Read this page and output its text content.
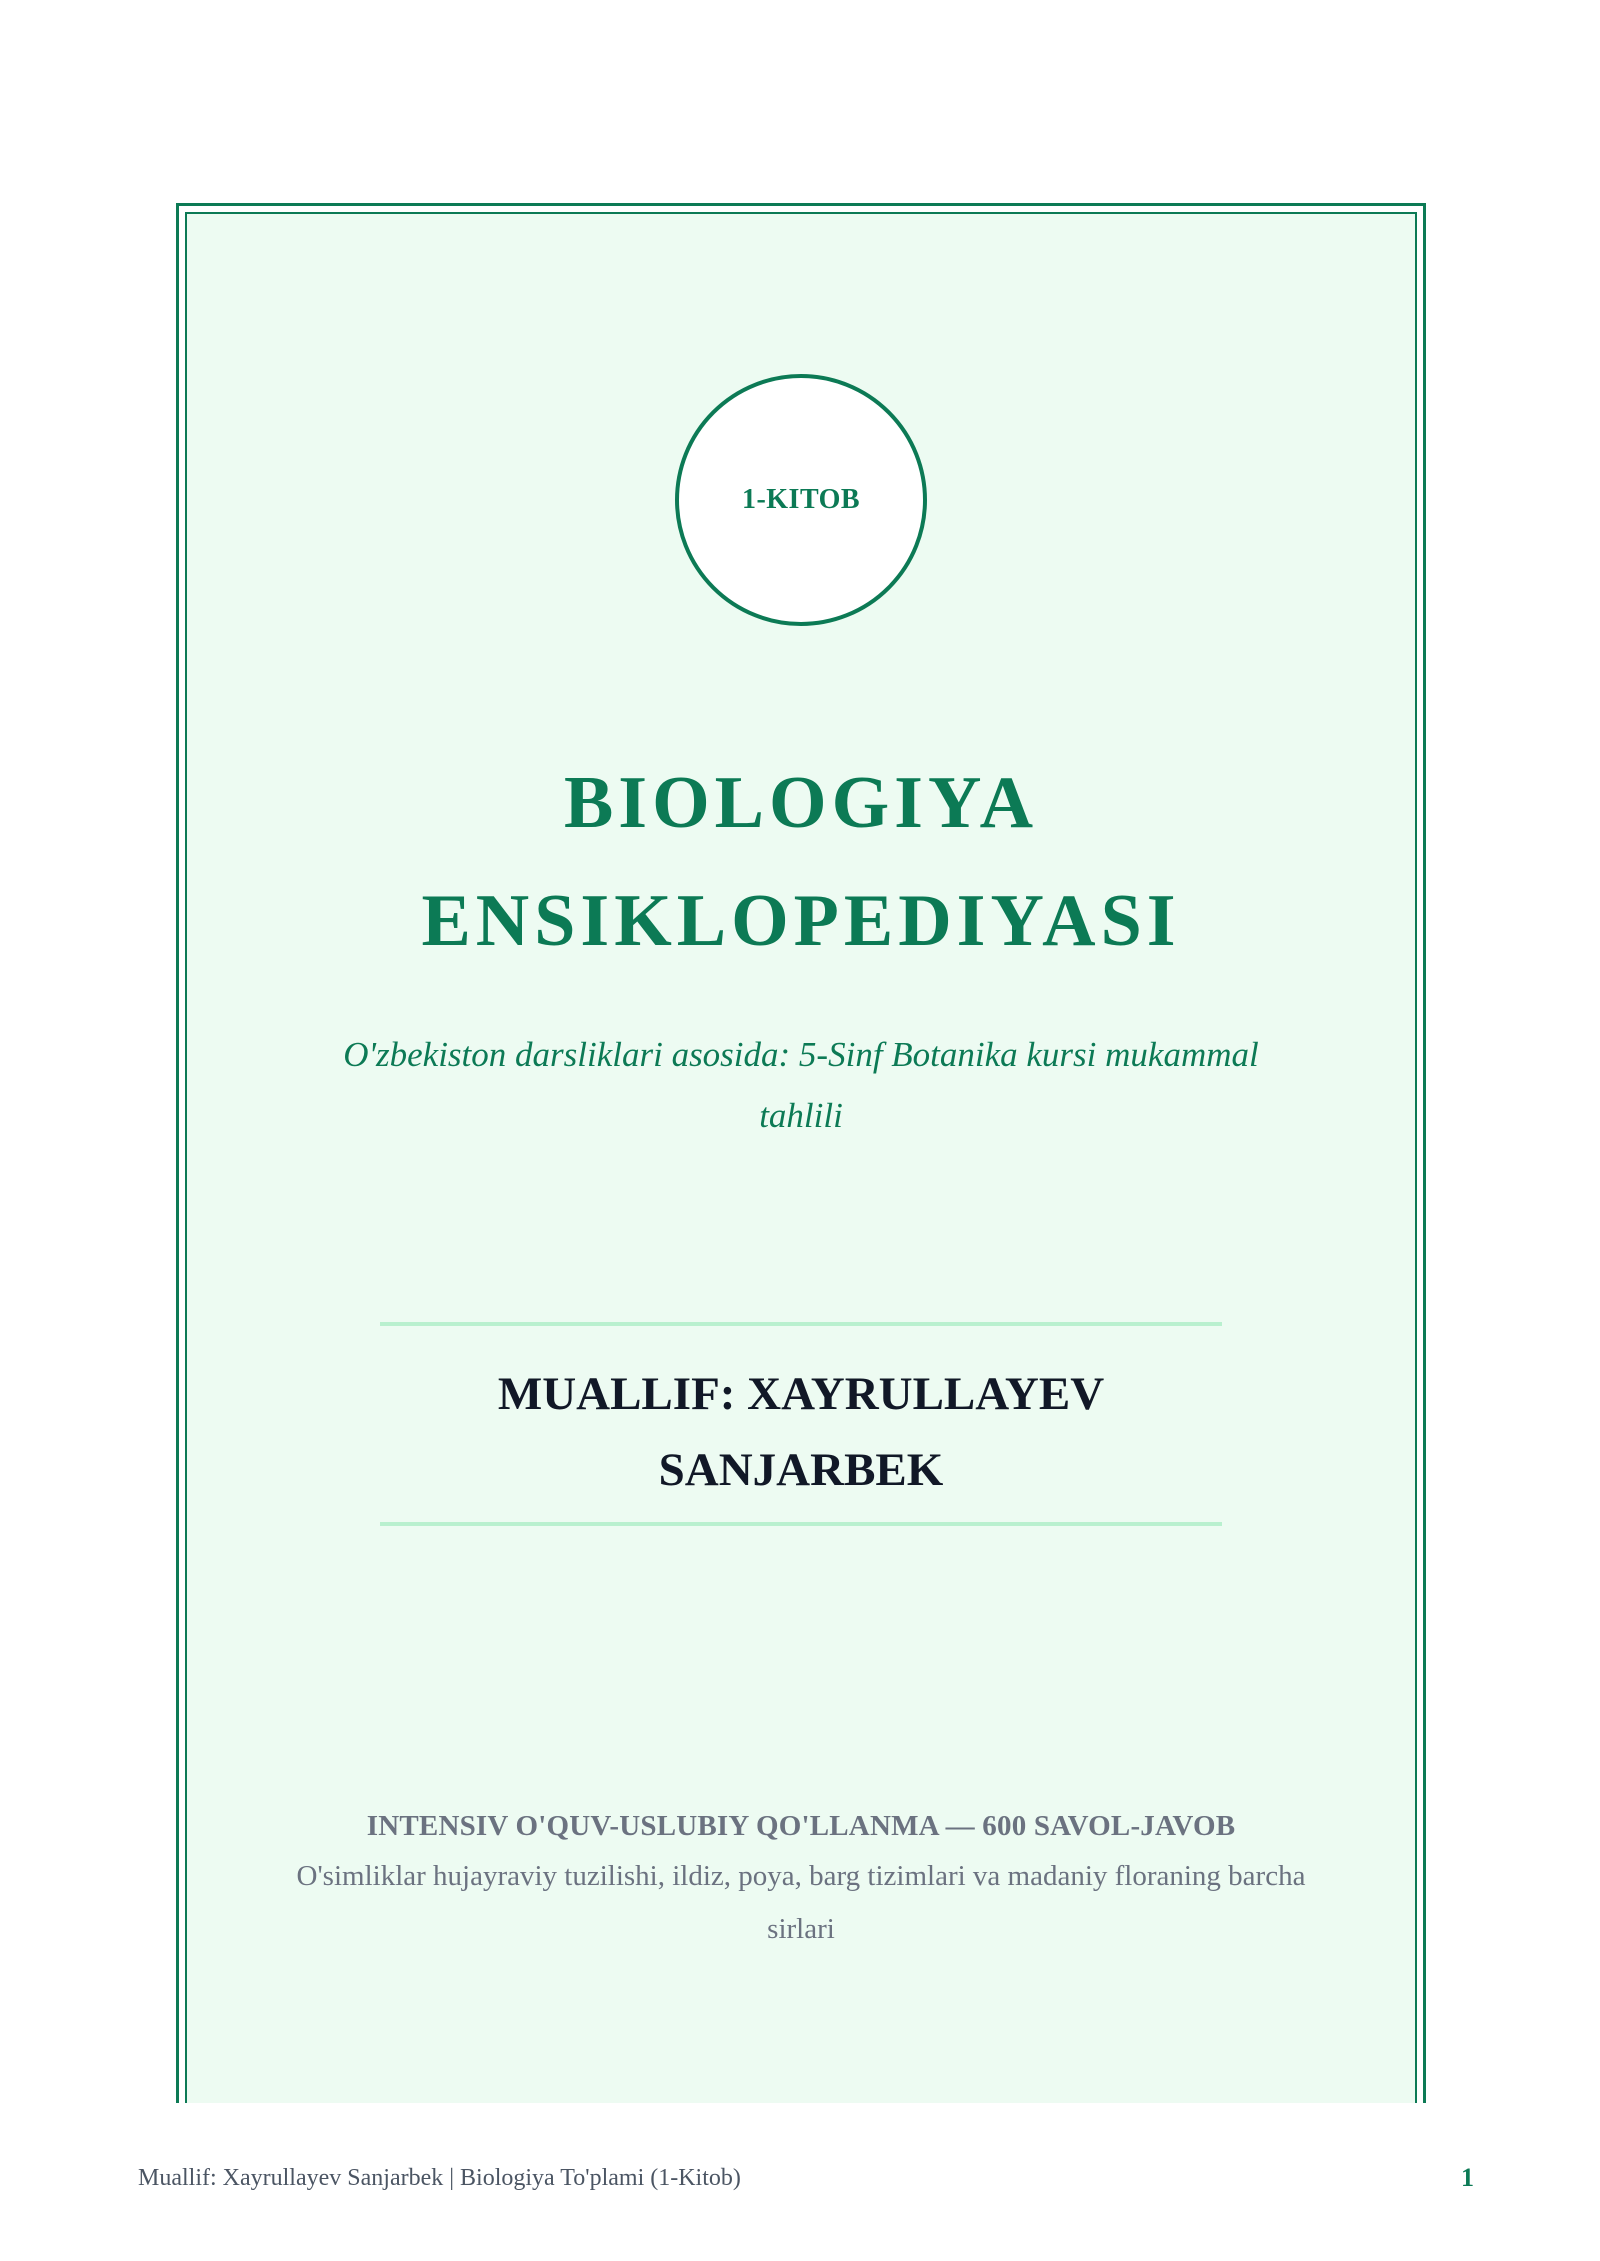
1-KITOB
BIOLOGIYA
ENSIKLOPEDIYASI

O'zbekiston darsliklari asosida: 5-Sinf Botanika kursi mukammal tahlili

MUALLIF: XAYRULLAYEV
SANJARBEK

INTENSIV O'QUV-USLUBIY QO'LLANMA — 600 SAVOL-JAVOB

O'simliklar hujayraviy tuzilishi, ildiz, poya, barg tizimlari va madaniy floraning barcha sirlari

Muallif: Xayrullayev Sanjarbek | Biologiya To'plami (1-Kitob)	1
